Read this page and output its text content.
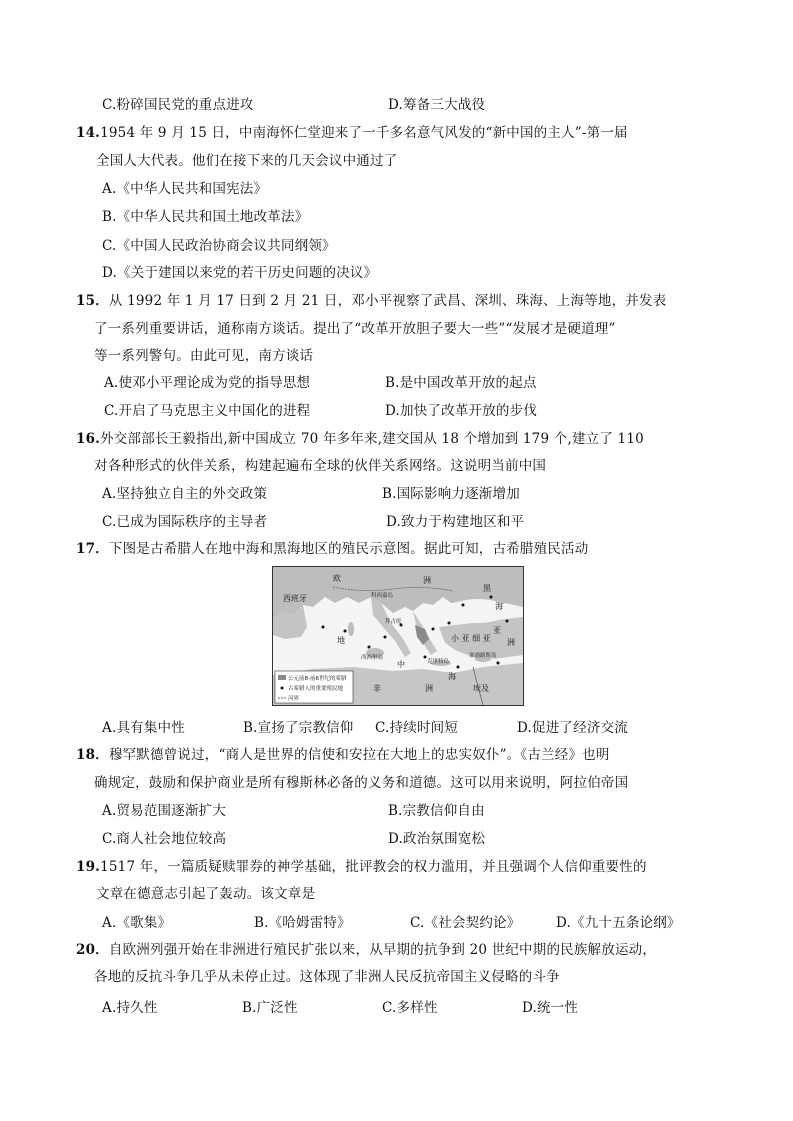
C.粉碎国民党的重点进攻	D.筹备三大战役
14.1954 年 9 月 15 日，中南海怀仁堂迎来了一千多名意气风发的“新中国的主人”-第一届
全国人大代表。他们在接下来的几天会议中通过了
A.《中华人民共和国宪法》
B.《中华人民共和国土地改革法》
C.《中国人民政治协商会议共同纲领》
D.《关于建国以来党的若干历史问题的决议》
15．从 1992 年 1 月 17 日到 2 月 21 日，邓小平视察了武昌、深圳、珠海、上海等地，并发表
了一系列重要讲话，通称南方谈话。提出了“改革开放胆子要大一些”“发展才是硬道理”
等一系列警句。由此可见，南方谈话
A.使邓小平理论成为党的指导思想	B.是中国改革开放的起点
C.开启了马克思主义中国化的进程	D.加快了改革开放的步伐
16.外交部部长王毅指出,新中国成立 70 年多年来,建交国从 18 个增加到 179 个,建立了 110
对各种形式的伙伴关系，构建起遍布全球的伙伴关系网络。这说明当前中国
A.坚持独立自主的外交政策	B.国际影响力逐渐增加
C.已成为国际秩序的主导者	D.致力于构建地区和平
17．下图是古希腊人在地中海和黑海地区的殖民示意图。据此可知，古希腊殖民活动
欧	洲
西班牙	科西嘉岛
黑
海
亚
洲
小 亚 细 亚
地
中
海
拜占庭
西西里岛
克里特岛
塞浦路斯岛
非	洲	埃及
公元前8-前6世纪的希腊
古希腊人的重要殖民地
河界
A.具有集中性	B.宣扬了宗教信仰 C.持续时间短	D.促进了经济交流
18．穆罕默德曾说过，“商人是世界的信使和安拉在大地上的忠实奴仆”。《古兰经》也明
确规定，鼓励和保护商业是所有穆斯林必备的义务和道德。这可以用来说明，阿拉伯帝国
A.贸易范围逐渐扩大	B.宗教信仰自由
C.商人社会地位较高	D.政治氛围宽松
19.1517 年，一篇质疑赎罪券的神学基础，批评教会的权力滥用，并且强调个人信仰重要性的
文章在德意志引起了轰动。该文章是
A.《歌集》	B.《哈姆雷特》	C.《社会契约论》	D.《九十五条论纲》
20．自欧洲列强开始在非洲进行殖民扩张以来，从早期的抗争到 20 世纪中期的民族解放运动，
各地的反抗斗争几乎从未停止过。这体现了非洲人民反抗帝国主义侵略的斗争
A.持久性	B.广泛性	C.多样性	D.统一性
